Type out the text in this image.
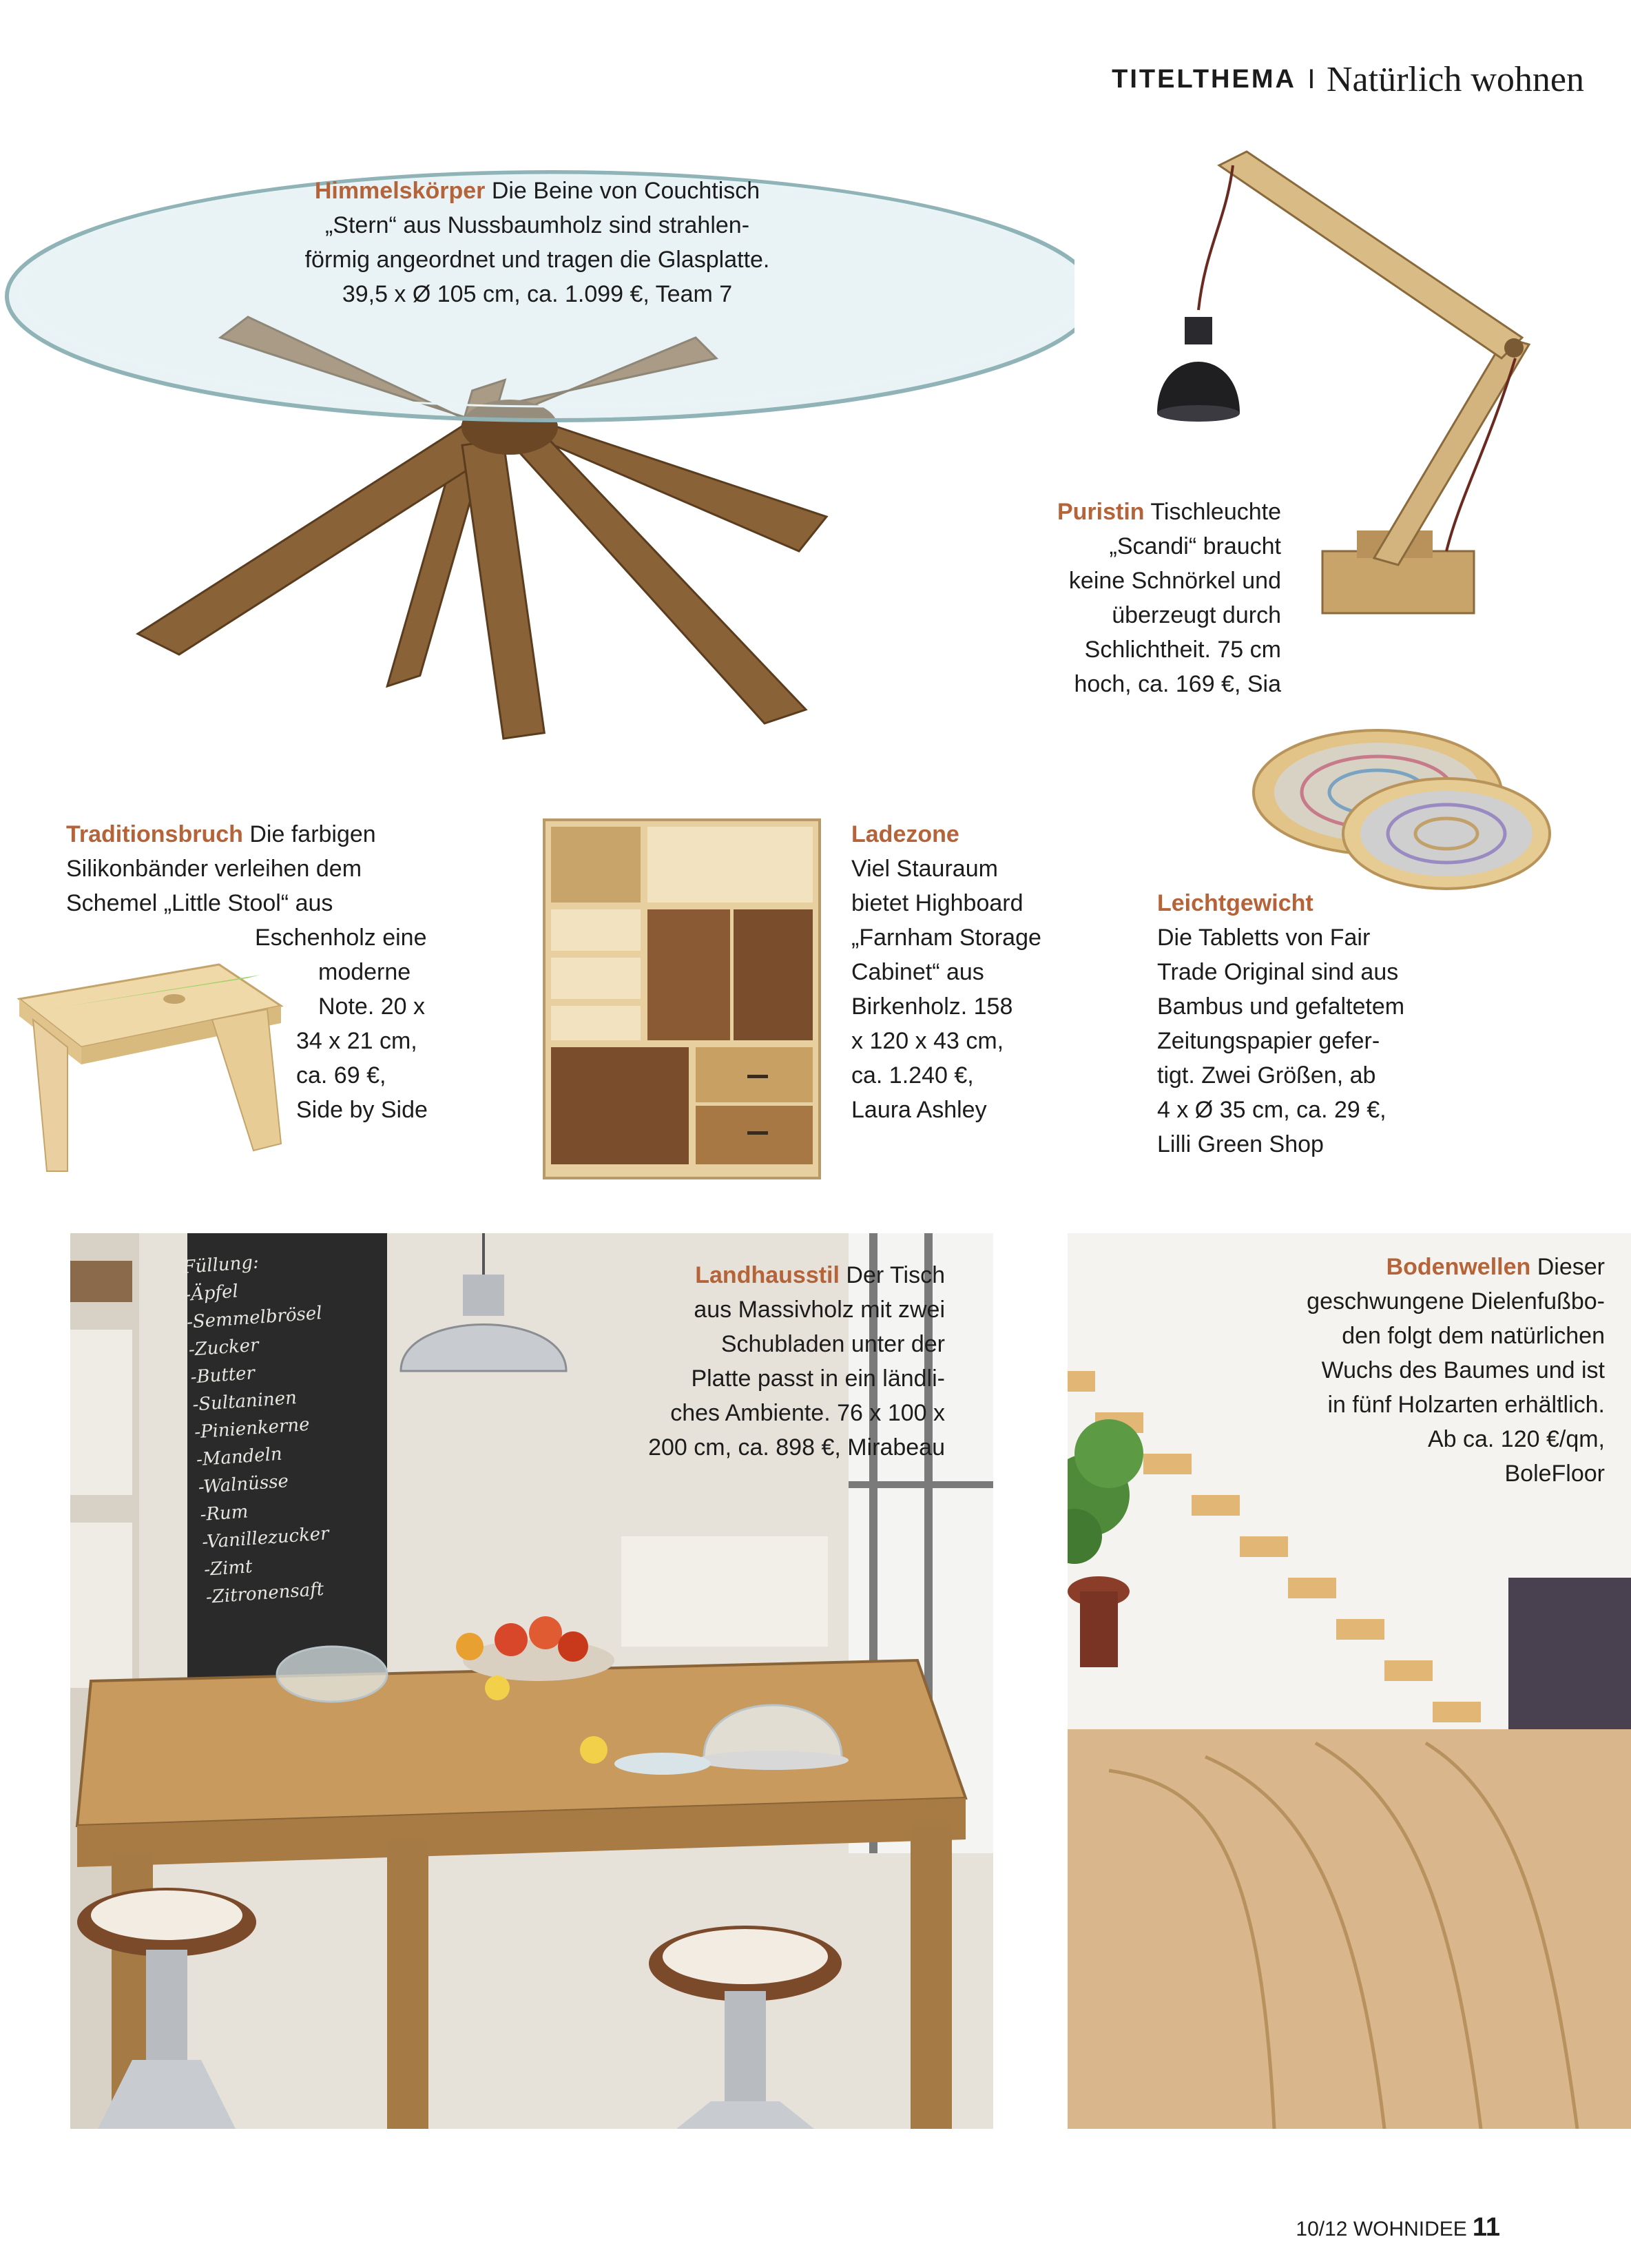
TITELTHEMA I Natürlich wohnen
Himmelskörper Die Beine von Couchtisch
„Stern“ aus Nussbaumholz sind strahlen-
förmig angeordnet und tragen die Glasplatte.
39,5 x Ø 105 cm, ca. 1.099 €, Team 7
Puristin Tischleuchte
„Scandi“ braucht
keine Schnörkel und
überzeugt durch
Schlichtheit. 75 cm
hoch, ca. 169 €, Sia
Traditionsbruch Die farbigen
Silikonbänder verleihen dem
Schemel „Little Stool“ aus
Eschenholz eine
moderne
Note. 20 x
34 x 21 cm,
ca. 69 €,
Side by Side
Ladezone
Viel Stauraum
bietet Highboard
„Farnham Storage
Cabinet“ aus
Birkenholz. 158
x 120 x 43 cm,
ca. 1.240 €,
Laura Ashley
Leichtgewicht
Die Tabletts von Fair
Trade Original sind aus
Bambus und gefaltetem
Zeitungspapier gefer-
tigt. Zwei Größen, ab
4 x Ø 35 cm, ca. 29 €,
Lilli Green Shop
Füllung:
-Äpfel
-Semmelbrösel
-Zucker
-Butter
-Sultaninen
-Pinienkerne
-Mandeln
-Walnüsse
-Rum
-Vanillezucker
-Zimt
-Zitronensaft
Landhausstil Der Tisch
aus Massivholz mit zwei
Schubladen unter der
Platte passt in ein ländli-
ches Ambiente. 76 x 100 x
200 cm, ca. 898 €, Mirabeau
Bodenwellen Dieser
geschwungene Dielenfußbo-
den folgt dem natürlichen
Wuchs des Baumes und ist
in fünf Holzarten erhältlich.
Ab ca. 120 €/qm,
BoleFloor
10/12 WOHNIDEE 11
